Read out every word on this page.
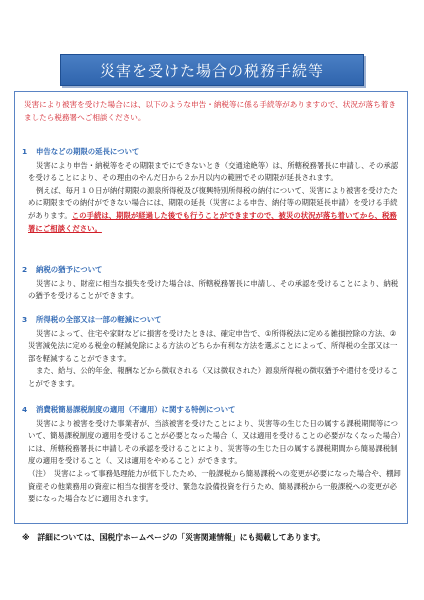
災害を受けた場合の税務手続等
災害により被害を受けた場合には、以下のような申告・納税等に係る手続等がありますので、状況が落ち着きましたら税務署へご相談ください。
1 申告などの期限の延長について

災害により申告・納税等をその期限までにできないとき（交通途絶等）は、所轄税務署長に申請し、その承認を受けることにより、その理由のやんだ日から２か月以内の範囲でその期限が延長されます。

例えば、毎月１０日が納付期限の源泉所得税及び復興特別所得税の納付について、災害により被害を受けたために期限までの納付ができない場合には、期限の延長（災害による申告、納付等の期限延長申請）を受ける手続があります。この手続は、期限が経過した後でも行うことができますので、被災の状況が落ち着いてから、税務署にご相談ください。

2 納税の猶予について

災害により、財産に相当な損失を受けた場合は、所轄税務署長に申請し、その承認を受けることにより、納税の猶予を受けることができます。

3 所得税の全部又は一部の軽減について

災害によって、住宅や家財などに損害を受けたときは、確定申告で、①所得税法に定める雑損控除の方法、②災害減免法に定める税金の軽減免除による方法のどちらか有利な方法を選ぶことによって、所得税の全部又は一部を軽減することができます。

また、給与、公的年金、報酬などから徴収される（又は徴収された）源泉所得税の徴収猶予や還付を受けることができます。

4 消費税簡易課税制度の適用（不適用）に関する特例について

災害により被害を受けた事業者が、当該被害を受けたことにより、災害等の生じた日の属する課税期間等について、簡易課税制度の適用を受けることが必要となった場合（、又は適用を受けることの必要がなくなった場合）には、所轄税務署長に申請しその承認を受けることにより、災害等の生じた日の属する課税期間から簡易課税制度の適用を受けること（、又は適用をやめること）ができます。

（注）　災害によって事務処理能力が低下したため、一般課税から簡易課税への変更が必要になった場合や、棚卸資産その他業務用の資産に相当な損害を受け、緊急な設備投資を行うため、簡易課税から一般課税への変更が必要になった場合などに適用されます。

※　詳細については、国税庁ホームページの「災害関連情報」にも掲載してあります。
